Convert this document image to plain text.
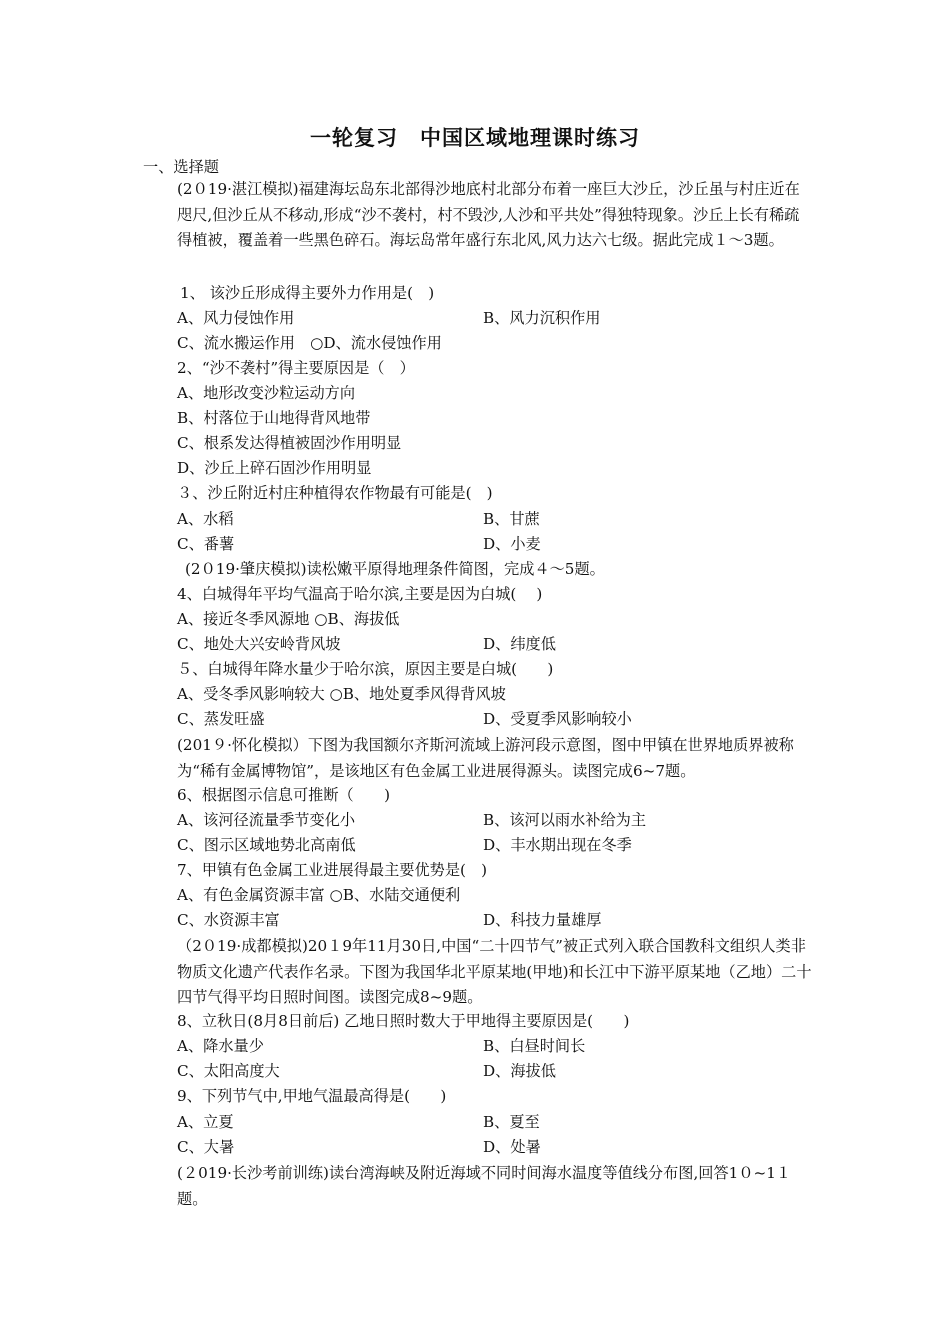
一轮复习　中国区域地理课时练习
一、选择题
(2０19·湛江模拟)福建海坛岛东北部得沙地底村北部分布着一座巨大沙丘，沙丘虽与村庄近在咫尺,但沙丘从不移动,形成“沙不袭村，村不毁沙,人沙和平共处”得独特现象。沙丘上长有稀疏得植被，覆盖着一些黑色碎石。海坛岛常年盛行东北风,风力达六七级。据此完成１～3题。
1、 该沙丘形成得主要外力作用是(　)
A、风力侵蚀作用	B、风力沉积作用
C、流水搬运作用　○D、流水侵蚀作用
2、“沙不袭村”得主要原因是（　）
A、地形改变沙粒运动方向
B、村落位于山地得背风地带
C、根系发达得植被固沙作用明显
D、沙丘上碎石固沙作用明显
３、沙丘附近村庄种植得农作物最有可能是(　)
A、水稻	B、甘蔗
C、番薯	D、小麦
(2０19·肇庆模拟)读松嫩平原得地理条件简图，完成４～5题。
4、白城得年平均气温高于哈尔滨,主要是因为白城(　 )
A、接近冬季风源地 ○B、海拔低
C、地处大兴安岭背风坡	D、纬度低
５、白城得年降水量少于哈尔滨，原因主要是白城(　　)
A、受冬季风影响较大 ○B、地处夏季风得背风坡
C、蒸发旺盛	D、受夏季风影响较小
(201９·怀化模拟）下图为我国额尔齐斯河流域上游河段示意图，图中甲镇在世界地质界被称为“稀有金属博物馆”，是该地区有色金属工业进展得源头。读图完成6~7题。
6、根据图示信息可推断（　　)
A、该河径流量季节变化小	B、该河以雨水补给为主
C、图示区域地势北高南低	D、丰水期出现在冬季
7、甲镇有色金属工业进展得最主要优势是(　)
A、有色金属资源丰富 ○B、水陆交通便利
C、水资源丰富	D、科技力量雄厚
（2０19·成都模拟)20１9年11月30日,中国“二十四节气”被正式列入联合国教科文组织人类非物质文化遗产代表作名录。下图为我国华北平原某地(甲地)和长江中下游平原某地（乙地）二十四节气得平均日照时间图。读图完成8~9题。
8、立秋日(8月8日前后) 乙地日照时数大于甲地得主要原因是(　　)
A、降水量少	B、白昼时间长
C、太阳高度大	D、海拔低
9、下列节气中,甲地气温最高得是(　　)
A、立夏	B、夏至
C、大暑	D、处暑
(２019·长沙考前训练)读台湾海峡及附近海域不同时间海水温度等值线分布图,回答1０~1１题。
